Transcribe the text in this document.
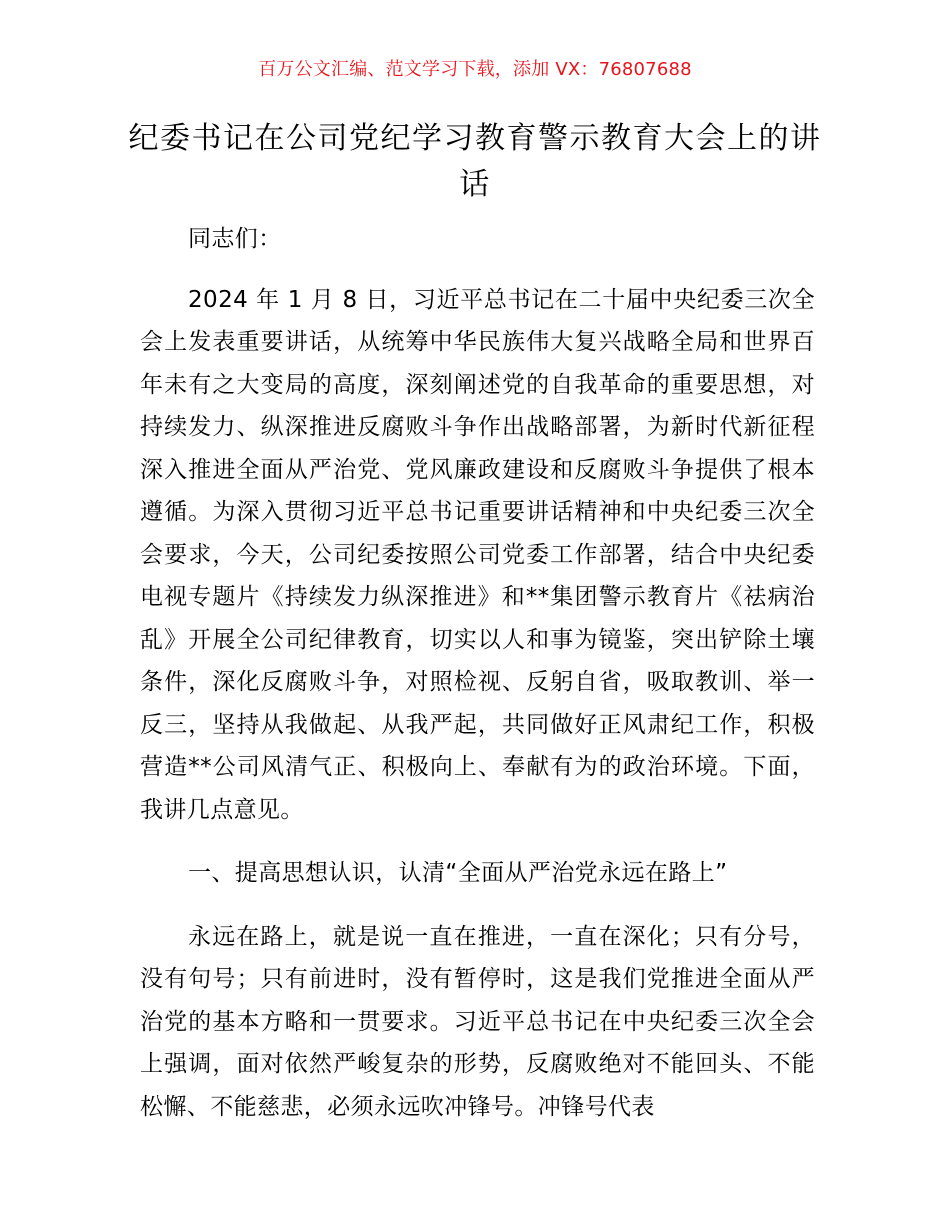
百万公文汇编、范文学习下载，添加 VX：76807688
纪委书记在公司党纪学习教育警示教育大会上的讲话

同志们：

2024 年 1 月 8 日，习近平总书记在二十届中央纪委三次全会上发表重要讲话，从统筹中华民族伟大复兴战略全局和世界百年未有之大变局的高度，深刻阐述党的自我革命的重要思想，对持续发力、纵深推进反腐败斗争作出战略部署，为新时代新征程深入推进全面从严治党、党风廉政建设和反腐败斗争提供了根本遵循。为深入贯彻习近平总书记重要讲话精神和中央纪委三次全会要求，今天，公司纪委按照公司党委工作部署，结合中央纪委电视专题片《持续发力纵深推进》和**集团警示教育片《祛病治乱》开展全公司纪律教育，切实以人和事为镜鉴，突出铲除土壤条件，深化反腐败斗争，对照检视、反躬自省，吸取教训、举一反三，坚持从我做起、从我严起，共同做好正风肃纪工作，积极营造**公司风清气正、积极向上、奉献有为的政治环境。下面，我讲几点意见。

一、提高思想认识，认清“全面从严治党永远在路上”

永远在路上，就是说一直在推进，一直在深化；只有分号，没有句号；只有前进时，没有暂停时，这是我们党推进全面从严治党的基本方略和一贯要求。习近平总书记在中央纪委三次全会上强调，面对依然严峻复杂的形势，反腐败绝对不能回头、不能松懈、不能慈悲，必须永远吹冲锋号。冲锋号代表
